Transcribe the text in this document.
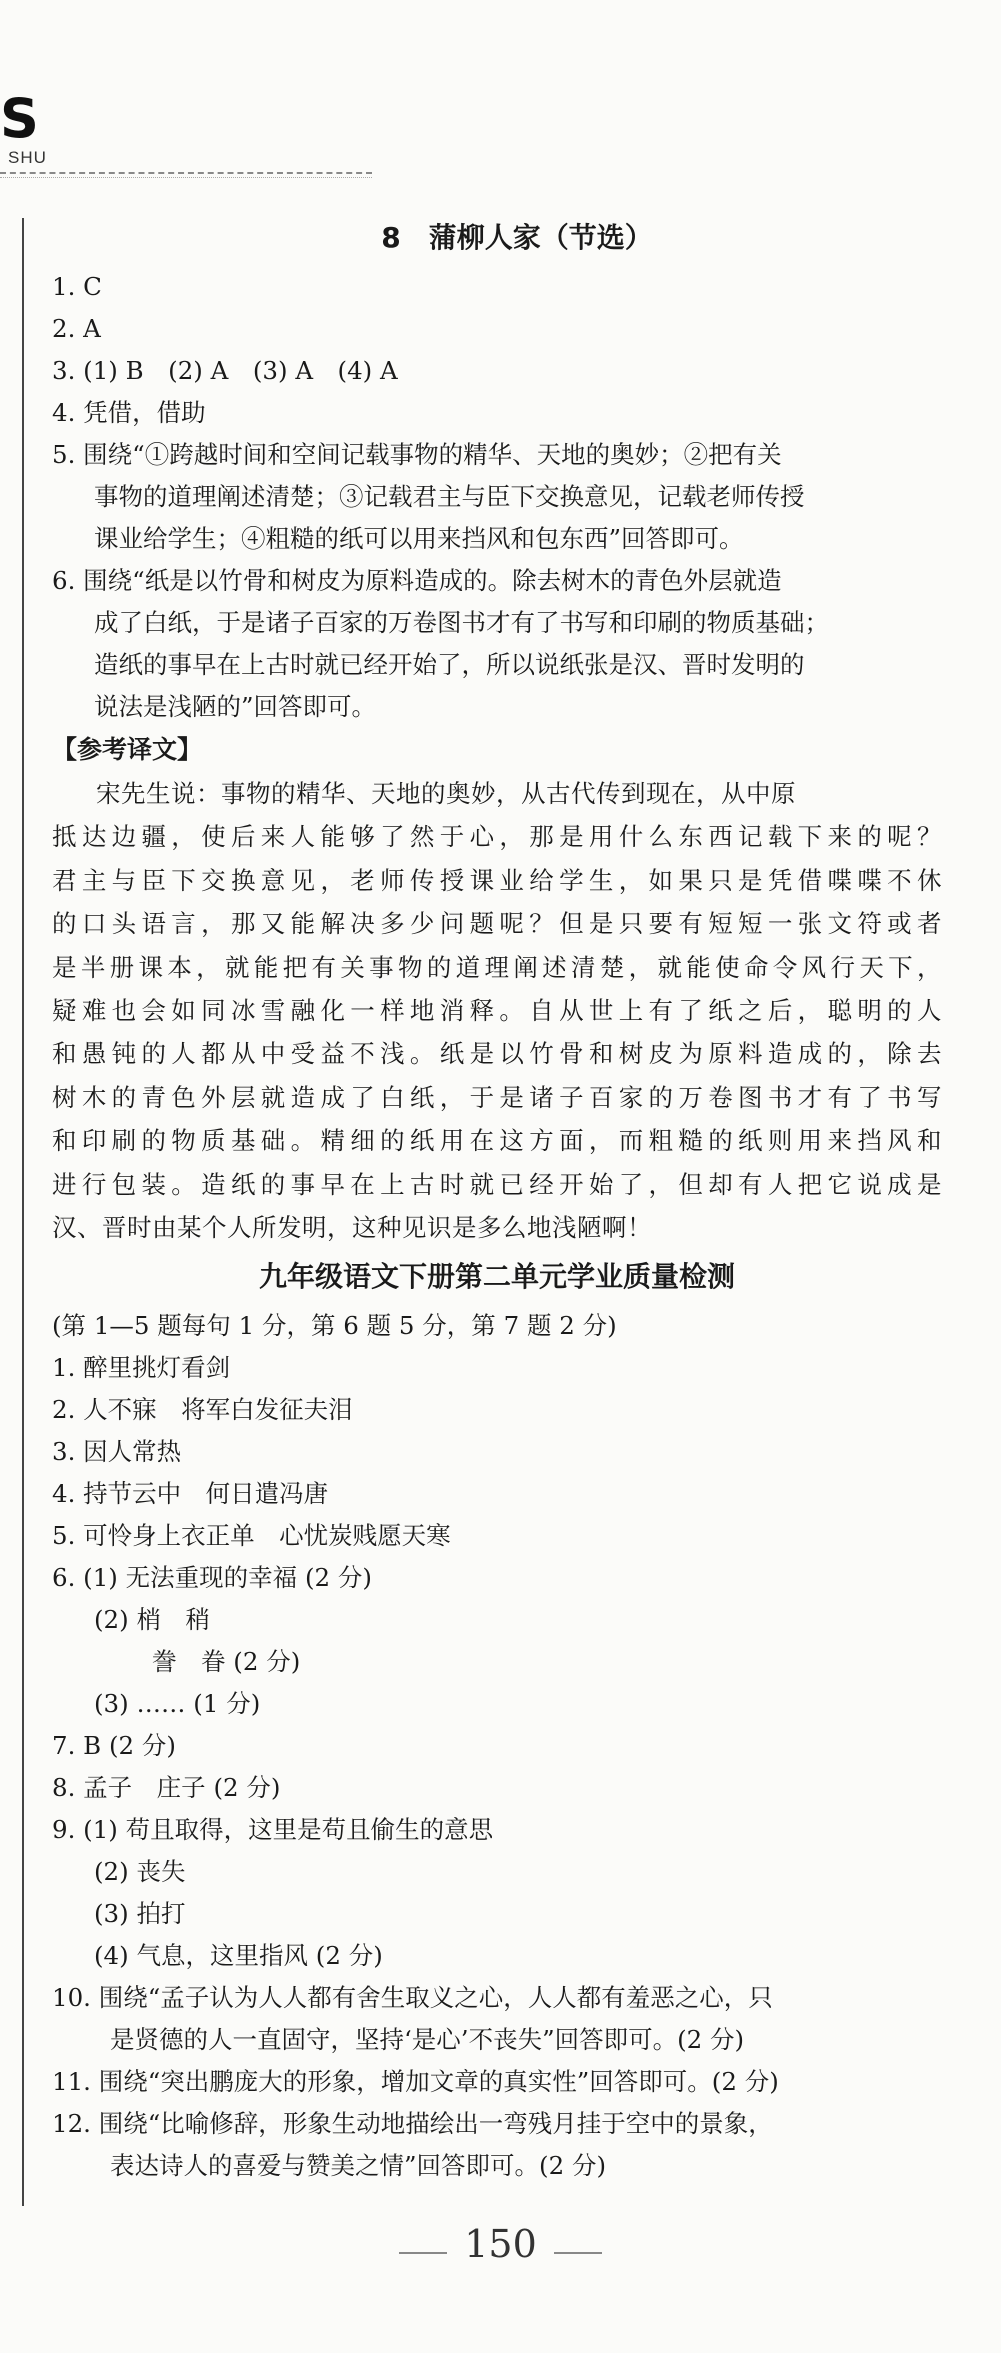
S
SHU
8　蒲柳人家（节选）
1. C
2. A
3. (1) B　(2) A　(3) A　(4) A
4. 凭借，借助
5. 围绕“①跨越时间和空间记载事物的精华、天地的奥妙；②把有关
事物的道理阐述清楚；③记载君主与臣下交换意见，记载老师传授
课业给学生；④粗糙的纸可以用来挡风和包东西”回答即可。
6. 围绕“纸是以竹骨和树皮为原料造成的。除去树木的青色外层就造
成了白纸，于是诸子百家的万卷图书才有了书写和印刷的物质基础；
造纸的事早在上古时就已经开始了，所以说纸张是汉、晋时发明的
说法是浅陋的”回答即可。
【参考译文】
宋先生说：事物的精华、天地的奥妙，从古代传到现在，从中原
抵达边疆，使后来人能够了然于心，那是用什么东西记载下来的呢？
君主与臣下交换意见，老师传授课业给学生，如果只是凭借喋喋不休
的口头语言，那又能解决多少问题呢？但是只要有短短一张文符或者
是半册课本，就能把有关事物的道理阐述清楚，就能使命令风行天下，
疑难也会如同冰雪融化一样地消释。自从世上有了纸之后，聪明的人
和愚钝的人都从中受益不浅。纸是以竹骨和树皮为原料造成的，除去
树木的青色外层就造成了白纸，于是诸子百家的万卷图书才有了书写
和印刷的物质基础。精细的纸用在这方面，而粗糙的纸则用来挡风和
进行包装。造纸的事早在上古时就已经开始了，但却有人把它说成是
汉、晋时由某个人所发明，这种见识是多么地浅陋啊！
九年级语文下册第二单元学业质量检测
(第 1—5 题每句 1 分，第 6 题 5 分，第 7 题 2 分)
1. 醉里挑灯看剑
2. 人不寐　将军白发征夫泪
3. 因人常热
4. 持节云中　何日遣冯唐
5. 可怜身上衣正单　心忧炭贱愿天寒
6. (1) 无法重现的幸福 (2 分)
(2) 梢　稍
誊　眷 (2 分)
(3) …… (1 分)
7. B (2 分)
8. 孟子　庄子 (2 分)
9. (1) 苟且取得，这里是苟且偷生的意思
(2) 丧失
(3) 拍打
(4) 气息，这里指风 (2 分)
10. 围绕“孟子认为人人都有舍生取义之心，人人都有羞恶之心，只
是贤德的人一直固守，坚持‘是心’不丧失”回答即可。(2 分)
11. 围绕“突出鹏庞大的形象，增加文章的真实性”回答即可。(2 分)
12. 围绕“比喻修辞，形象生动地描绘出一弯残月挂于空中的景象，
表达诗人的喜爱与赞美之情”回答即可。(2 分)
150
